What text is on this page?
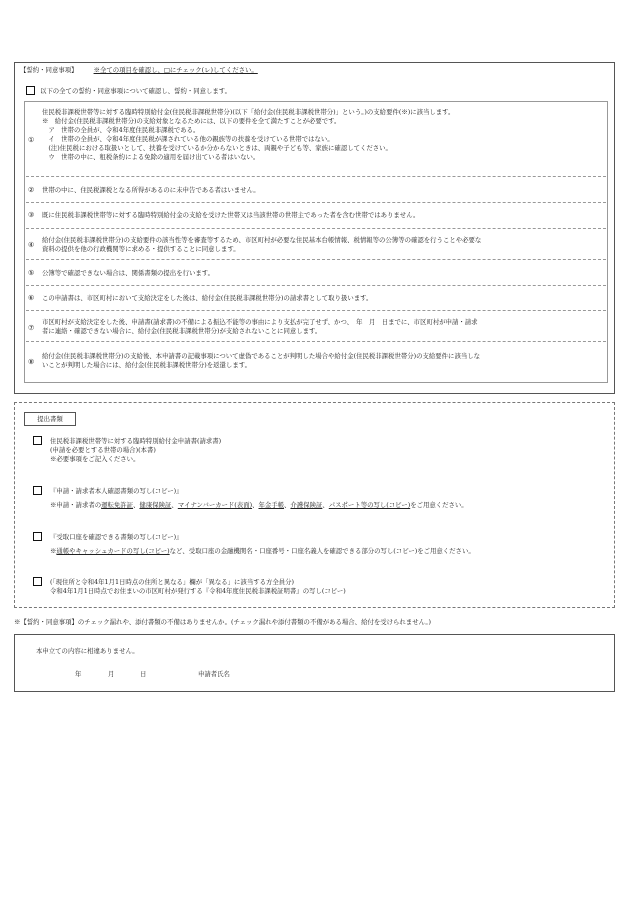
【誓約・同意事項】	※全ての項目を確認し、□にチェック(レ)してください。
以下の全ての誓約・同意事項について確認し、誓約・同意します。
①
住民税非課税世帯等に対する臨時特別給付金(住民税非課税世帯分)(以下「給付金(住民税非課税世帯分)」という。)の支給要件(※)に該当します。
※　給付金(住民税非課税世帯分)の支給対象となるためには、以下の要件を全て満たすことが必要です。
　ア　世帯の全員が、令和4年度住民税非課税である。
　イ　世帯の全員が、令和4年度住民税が課されている他の親族等の扶養を受けている世帯ではない。
　(注)住民税における取扱いとして、扶養を受けているか分からないときは、両親や子ども等、家族に確認してください。
　ウ　世帯の中に、租税条約による免除の適用を届け出ている者はいない。
② 世帯の中に、住民税課税となる所得があるのに未申告である者はいません。
③ 既に住民税非課税世帯等に対する臨時特別給付金の支給を受けた世帯又は当該世帯の世帯主であった者を含む世帯ではありません。
④
給付金(住民税非課税世帯分)の支給要件の該当性等を審査等するため、市区町村が必要な住民基本台帳情報、税情報等の公簿等の確認を行うことや必要な
資料の提供を他の行政機関等に求める・提供することに同意します。
⑤ 公簿等で確認できない場合は、関係書類の提出を行います。
⑥ この申請書は、市区町村において支給決定をした後は、給付金(住民税非課税世帯分)の請求書として取り扱います。
⑦
市区町村が支給決定をした後、申請書(請求書)の不備による振込不能等の事由により支払が完了せず、かつ、　年　月　日までに、市区町村が申請・請求
者に連絡・確認できない場合に、給付金(住民税非課税世帯分)が支給されないことに同意します。
⑧
給付金(住民税非課税世帯分)の支給後、本申請書の記載事項について虚偽であることが判明した場合や給付金(住民税非課税世帯分)の支給要件に該当しな
いことが判明した場合には、給付金(住民税非課税世帯分)を返還します。
提出書類
住民税非課税世帯等に対する臨時特別給付金申請書(請求書)
(申請を必要とする世帯の場合)(本書)
※必要事項をご記入ください。
『申請・請求者本人確認書類の写し(コピー)』
※申請・請求者の運転免許証、健康保険証、マイナンバーカード(表面)、年金手帳、介護保険証、パスポート等の写し(コピー)をご用意ください。
『受取口座を確認できる書類の写し(コピー)』
※通帳やキャッシュカードの写し(コピー)など、受取口座の金融機関名・口座番号・口座名義人を確認できる部分の写し(コピー)をご用意ください。
(「現住所と令和4年1月1日時点の住所と異なる」欄が「異なる」に該当する方全員分)
令和4年1月1日時点でお住まいの市区町村が発行する『令和4年度住民税非課税証明書』の写し(コピー)
※【誓約・同意事項】のチェック漏れや、添付書類の不備はありませんか。(チェック漏れや添付書類の不備がある場合、給付を受けられません。)
本申立ての内容に相違ありません。
年	月	日	申請者氏名
